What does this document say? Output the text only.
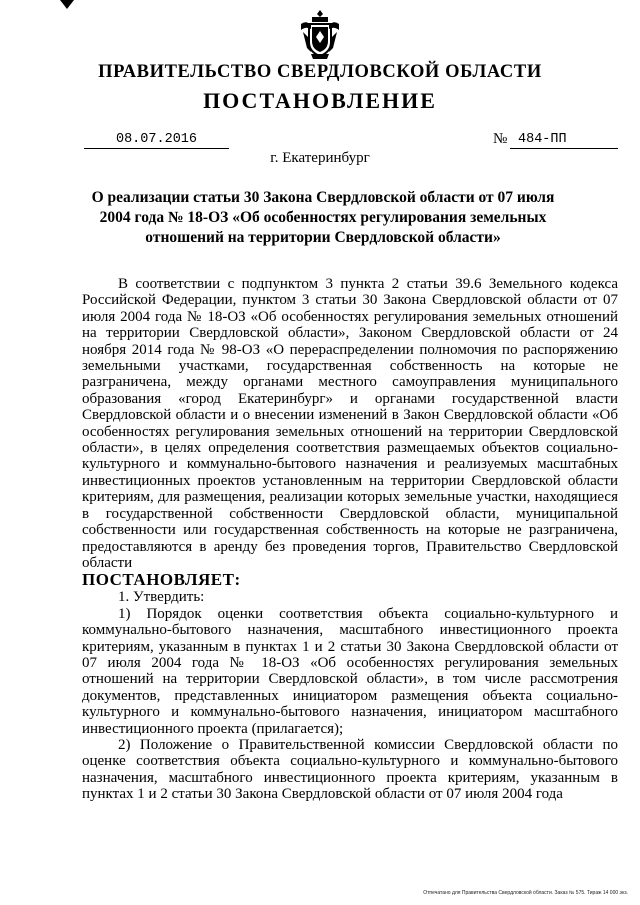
ПРАВИТЕЛЬСТВО СВЕРДЛОВСКОЙ ОБЛАСТИ
ПОСТАНОВЛЕНИЕ
08.07.2016	№ 484-ПП
г. Екатеринбург
О реализации статьи 30 Закона Свердловской области от 07 июля 2004 года № 18-ОЗ «Об особенностях регулирования земельных отношений на территории Свердловской области»

В соответствии с подпунктом 3 пункта 2 статьи 39.6 Земельного кодекса Российской Федерации, пунктом 3 статьи 30 Закона Свердловской области от 07 июля 2004 года № 18-ОЗ «Об особенностях регулирования земельных отношений на территории Свердловской области», Законом Свердловской области от 24 ноября 2014 года № 98-ОЗ «О перераспределении полномочия по распоряжению земельными участками, государственная собственность на которые не разграничена, между органами местного самоуправления муниципального образования «город Екатеринбург» и органами государственной власти Свердловской области и о внесении изменений в Закон Свердловской области «Об особенностях регулирования земельных отношений на территории Свердловской области», в целях определения соответствия размещаемых объектов социально-культурного и коммунально-бытового назначения и реализуемых масштабных инвестиционных проектов установленным на территории Свердловской области критериям, для размещения, реализации которых земельные участки, находящиеся в государственной собственности Свердловской области, муниципальной собственности или государственная собственность на которые не разграничена, предоставляются в аренду без проведения торгов, Правительство Свердловской области

ПОСТАНОВЛЯЕТ:

1. Утвердить:

1) Порядок оценки соответствия объекта социально-культурного и коммунально-бытового назначения, масштабного инвестиционного проекта критериям, указанным в пунктах 1 и 2 статьи 30 Закона Свердловской области от 07 июля 2004 года № 18-ОЗ «Об особенностях регулирования земельных отношений на территории Свердловской области», в том числе рассмотрения документов, представленных инициатором размещения объекта социально-культурного и коммунально-бытового назначения, инициатором масштабного инвестиционного проекта (прилагается);

2) Положение о Правительственной комиссии Свердловской области по оценке соответствия объекта социально-культурного и коммунально-бытового назначения, масштабного инвестиционного проекта критериям, указанным в пунктах 1 и 2 статьи 30 Закона Свердловской области от 07 июля 2004 года

Отпечатано для Правительства Свердловской области. Заказ № 575. Тираж 14 000 экз.
